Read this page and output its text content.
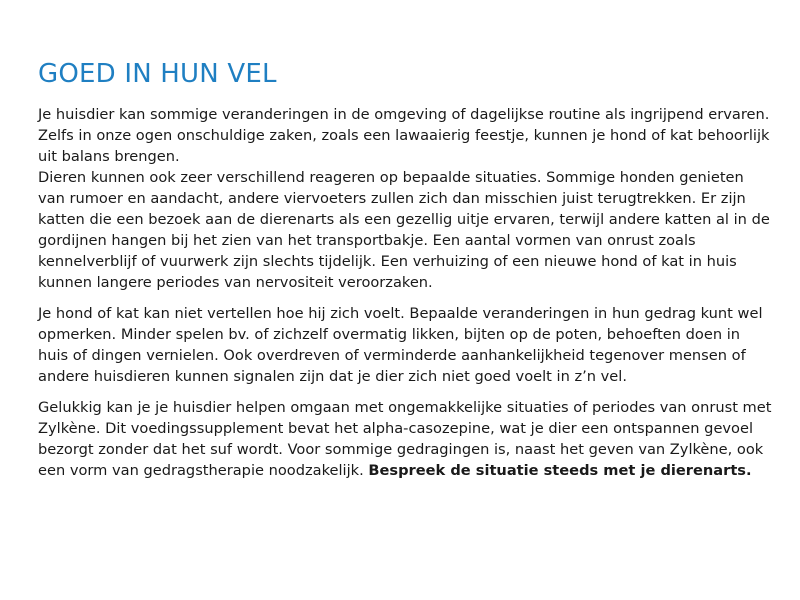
GOED IN HUN VEL

Je huisdier kan sommige veranderingen in de omgeving of dagelijkse routine als ingrijpend ervaren.
Zelfs in onze ogen onschuldige zaken, zoals een lawaaierig feestje, kunnen je hond of kat behoorlijk
uit balans brengen.
Dieren kunnen ook zeer verschillend reageren op bepaalde situaties. Sommige honden genieten
van rumoer en aandacht, andere viervoeters zullen zich dan misschien juist terugtrekken. Er zijn
katten die een bezoek aan de dierenarts als een gezellig uitje ervaren, terwijl andere katten al in de
gordijnen hangen bij het zien van het transportbakje. Een aantal vormen van onrust zoals
kennelverblijf of vuurwerk zijn slechts tijdelijk. Een verhuizing of een nieuwe hond of kat in huis
kunnen langere periodes van nervositeit veroorzaken.

Je hond of kat kan niet vertellen hoe hij zich voelt. Bepaalde veranderingen in hun gedrag kunt wel
opmerken. Minder spelen bv. of zichzelf overmatig likken, bijten op de poten, behoeften doen in
huis of dingen vernielen. Ook overdreven of verminderde aanhankelijkheid tegenover mensen of
andere huisdieren kunnen signalen zijn dat je dier zich niet goed voelt in z’n vel.

Gelukkig kan je je huisdier helpen omgaan met ongemakkelijke situaties of periodes van onrust met
Zylkène. Dit voedingssupplement bevat het alpha-casozepine, wat je dier een ontspannen gevoel
bezorgt zonder dat het suf wordt. Voor sommige gedragingen is, naast het geven van Zylkène, ook
een vorm van gedragstherapie noodzakelijk. Bespreek de situatie steeds met je dierenarts.
